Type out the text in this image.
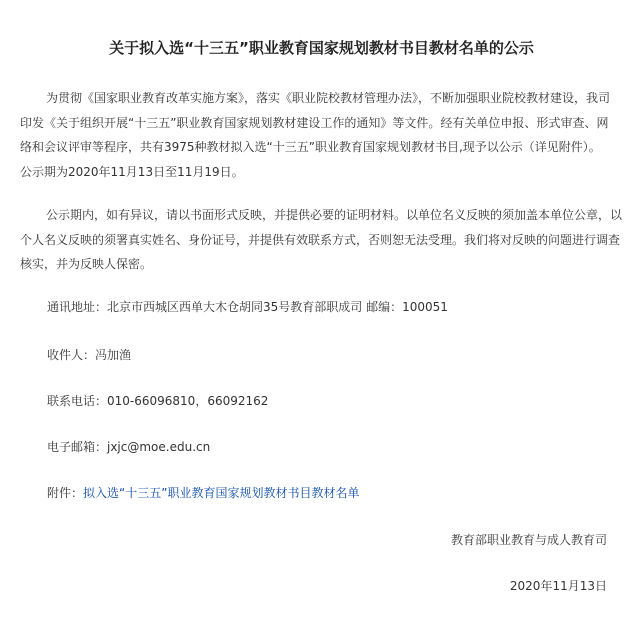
关于拟入选“十三五”职业教育国家规划教材书目教材名单的公示

为贯彻《国家职业教育改革实施方案》，落实《职业院校教材管理办法》，不断加强职业院校教材建设，我司
印发《关于组织开展“十三五”职业教育国家规划教材建设工作的通知》等文件。经有关单位申报、形式审查、网
络和会议评审等程序，共有3975种教材拟入选“十三五”职业教育国家规划教材书目,现予以公示（详见附件）。
公示期为2020年11月13日至11月19日。

公示期内，如有异议，请以书面形式反映，并提供必要的证明材料。以单位名义反映的须加盖本单位公章，以
个人名义反映的须署真实姓名、身份证号，并提供有效联系方式，否则恕无法受理。我们将对反映的问题进行调查
核实，并为反映人保密。

通讯地址：北京市西城区西单大木仓胡同35号教育部职成司 邮编：100051
收件人：冯加渔
联系电话：010-66096810，66092162
电子邮箱：jxjc@moe.edu.cn
附件：拟入选“十三五”职业教育国家规划教材书目教材名单
教育部职业教育与成人教育司
2020年11月13日
